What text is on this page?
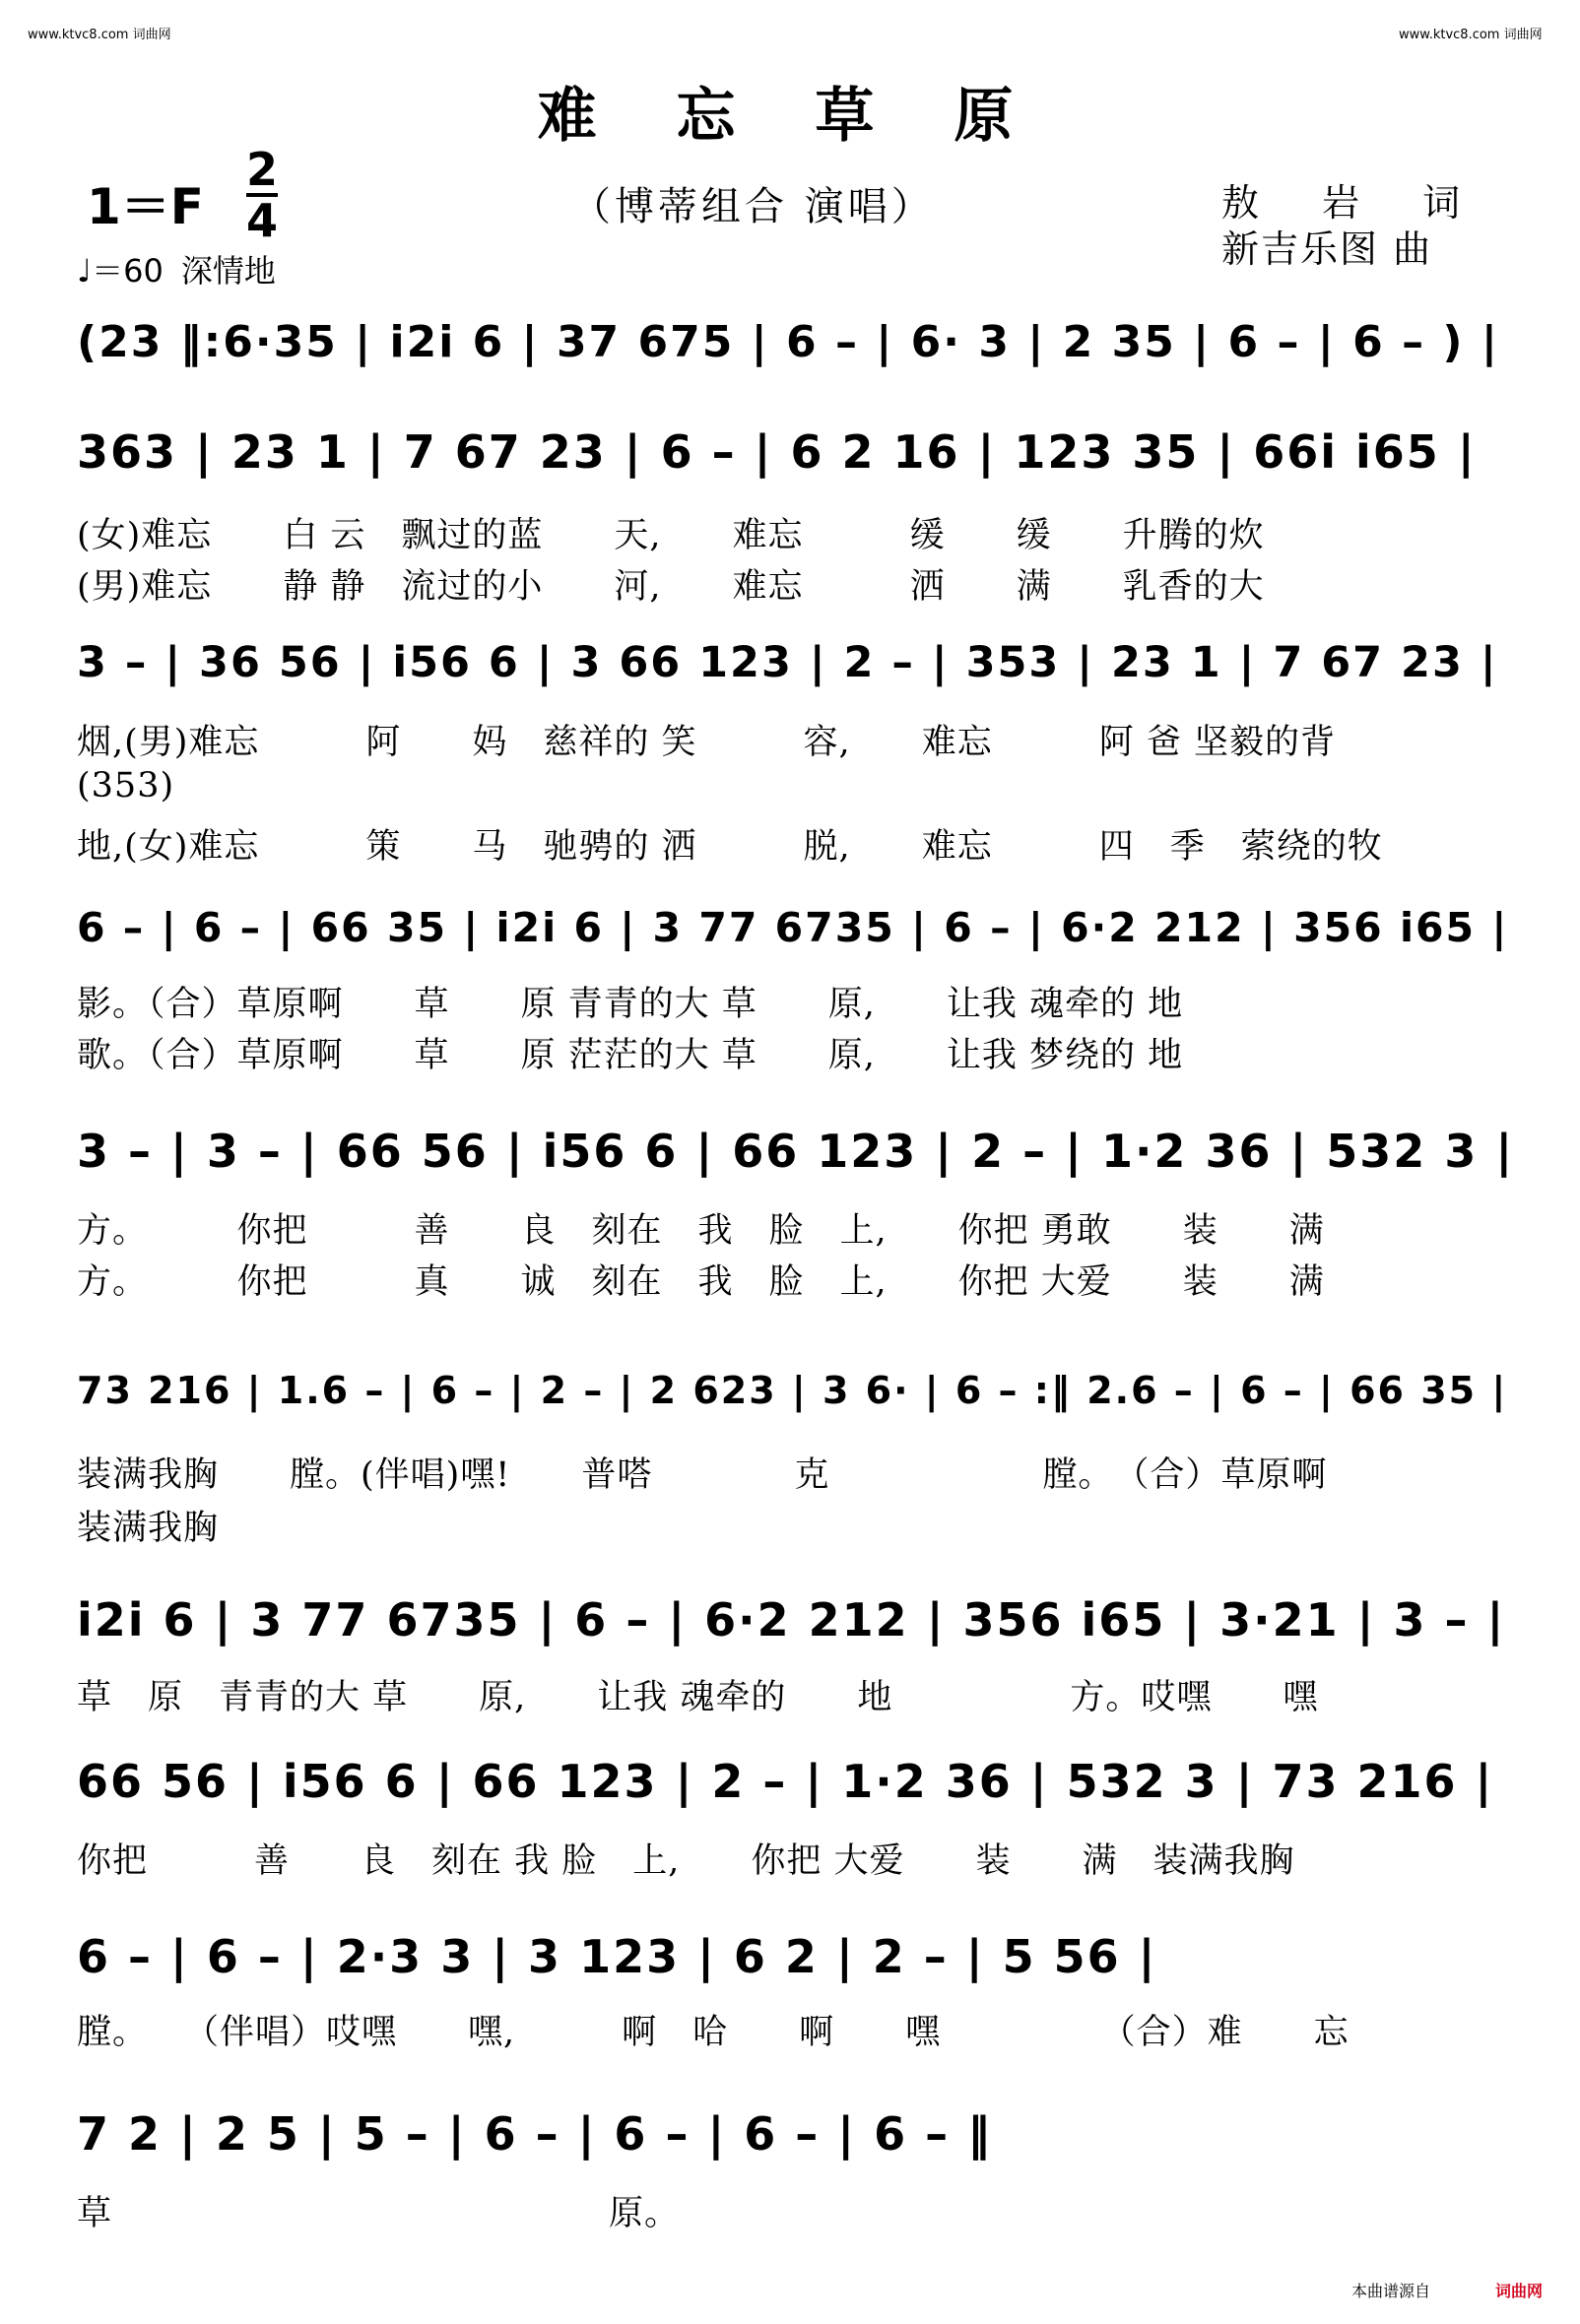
www.ktvc8.com 词曲网	www.ktvc8.com 词曲网
难 忘 草 原
1＝F
2
4
♩＝60 深情地
（博蒂组合 演唱）	敖 岩 词
新吉乐图 曲
(23 ‖:6·35 | i2i 6 | 37 675 | 6 – | 6· 3 | 2 35 | 6 – | 6 – ) |
363 | 23 1 | 7 67 23 | 6 – | 6 2 16 | 123 35 | 66i i65 |
(女)难忘　　白 云　飘过的蓝　　天,　　难忘　　　缓　　缓　　升腾的炊
(男)难忘　　静 静　流过的小　　河,　　难忘　　　洒　　满　　乳香的大
3 – | 36 56 | i56 6 | 3 66 123 | 2 – | 353 | 23 1 | 7 67 23 |
烟,(男)难忘　　　阿　　妈　慈祥的 笑　　　容,　　难忘　　　阿 爸 坚毅的背
(353)
地,(女)难忘　　　策　　马　驰骋的 洒　　　脱,　　难忘　　　四　季　萦绕的牧
6 – | 6 – | 66 35 | i2i 6 | 3 77 6735 | 6 – | 6·2 212 | 356 i65 |
影。（合）草原啊　　草　　原 青青的大 草　　原,　　让我 魂牵的 地
歌。（合）草原啊　　草　　原 茫茫的大 草　　原,　　让我 梦绕的 地
3 – | 3 – | 66 56 | i56 6 | 66 123 | 2 – | 1·2 36 | 532 3 |
方。　　　你把　　　善　　良　刻在　我　脸　上,　　你把 勇敢　　装　　满
方。　　　你把　　　真　　诚　刻在　我　脸　上,　　你把 大爱　　装　　满
73 216 | 1.6 – | 6 – | 2 – | 2 623 | 3 6· | 6 – :‖ 2.6 – | 6 – | 66 35 |
装满我胸　　膛。(伴唱)嘿!　　普嗒　　　　克　　　　　　膛。　（合）草原啊
装满我胸
i2i 6 | 3 77 6735 | 6 – | 6·2 212 | 356 i65 | 3·21 | 3 – |
草　原　青青的大 草　　原,　　让我 魂牵的　　地　　　　　方。哎嘿　　嘿
66 56 | i56 6 | 66 123 | 2 – | 1·2 36 | 532 3 | 73 216 |
你把　　　善　　良　刻在 我 脸　上,　　你把 大爱　　装　　满　装满我胸
6 – | 6 – | 2·3 3 | 3 123 | 6 2 | 2 – | 5 56 |
膛。　　（伴唱）哎嘿　　嘿,　　　啊　哈　　啊　　嘿　　　　　（合）难　　忘
7 2 | 2 5 | 5 – | 6 – | 6 – | 6 – | 6 – ‖
草　　　　　　　　　　　　　　原。
本曲谱源自	词曲网
